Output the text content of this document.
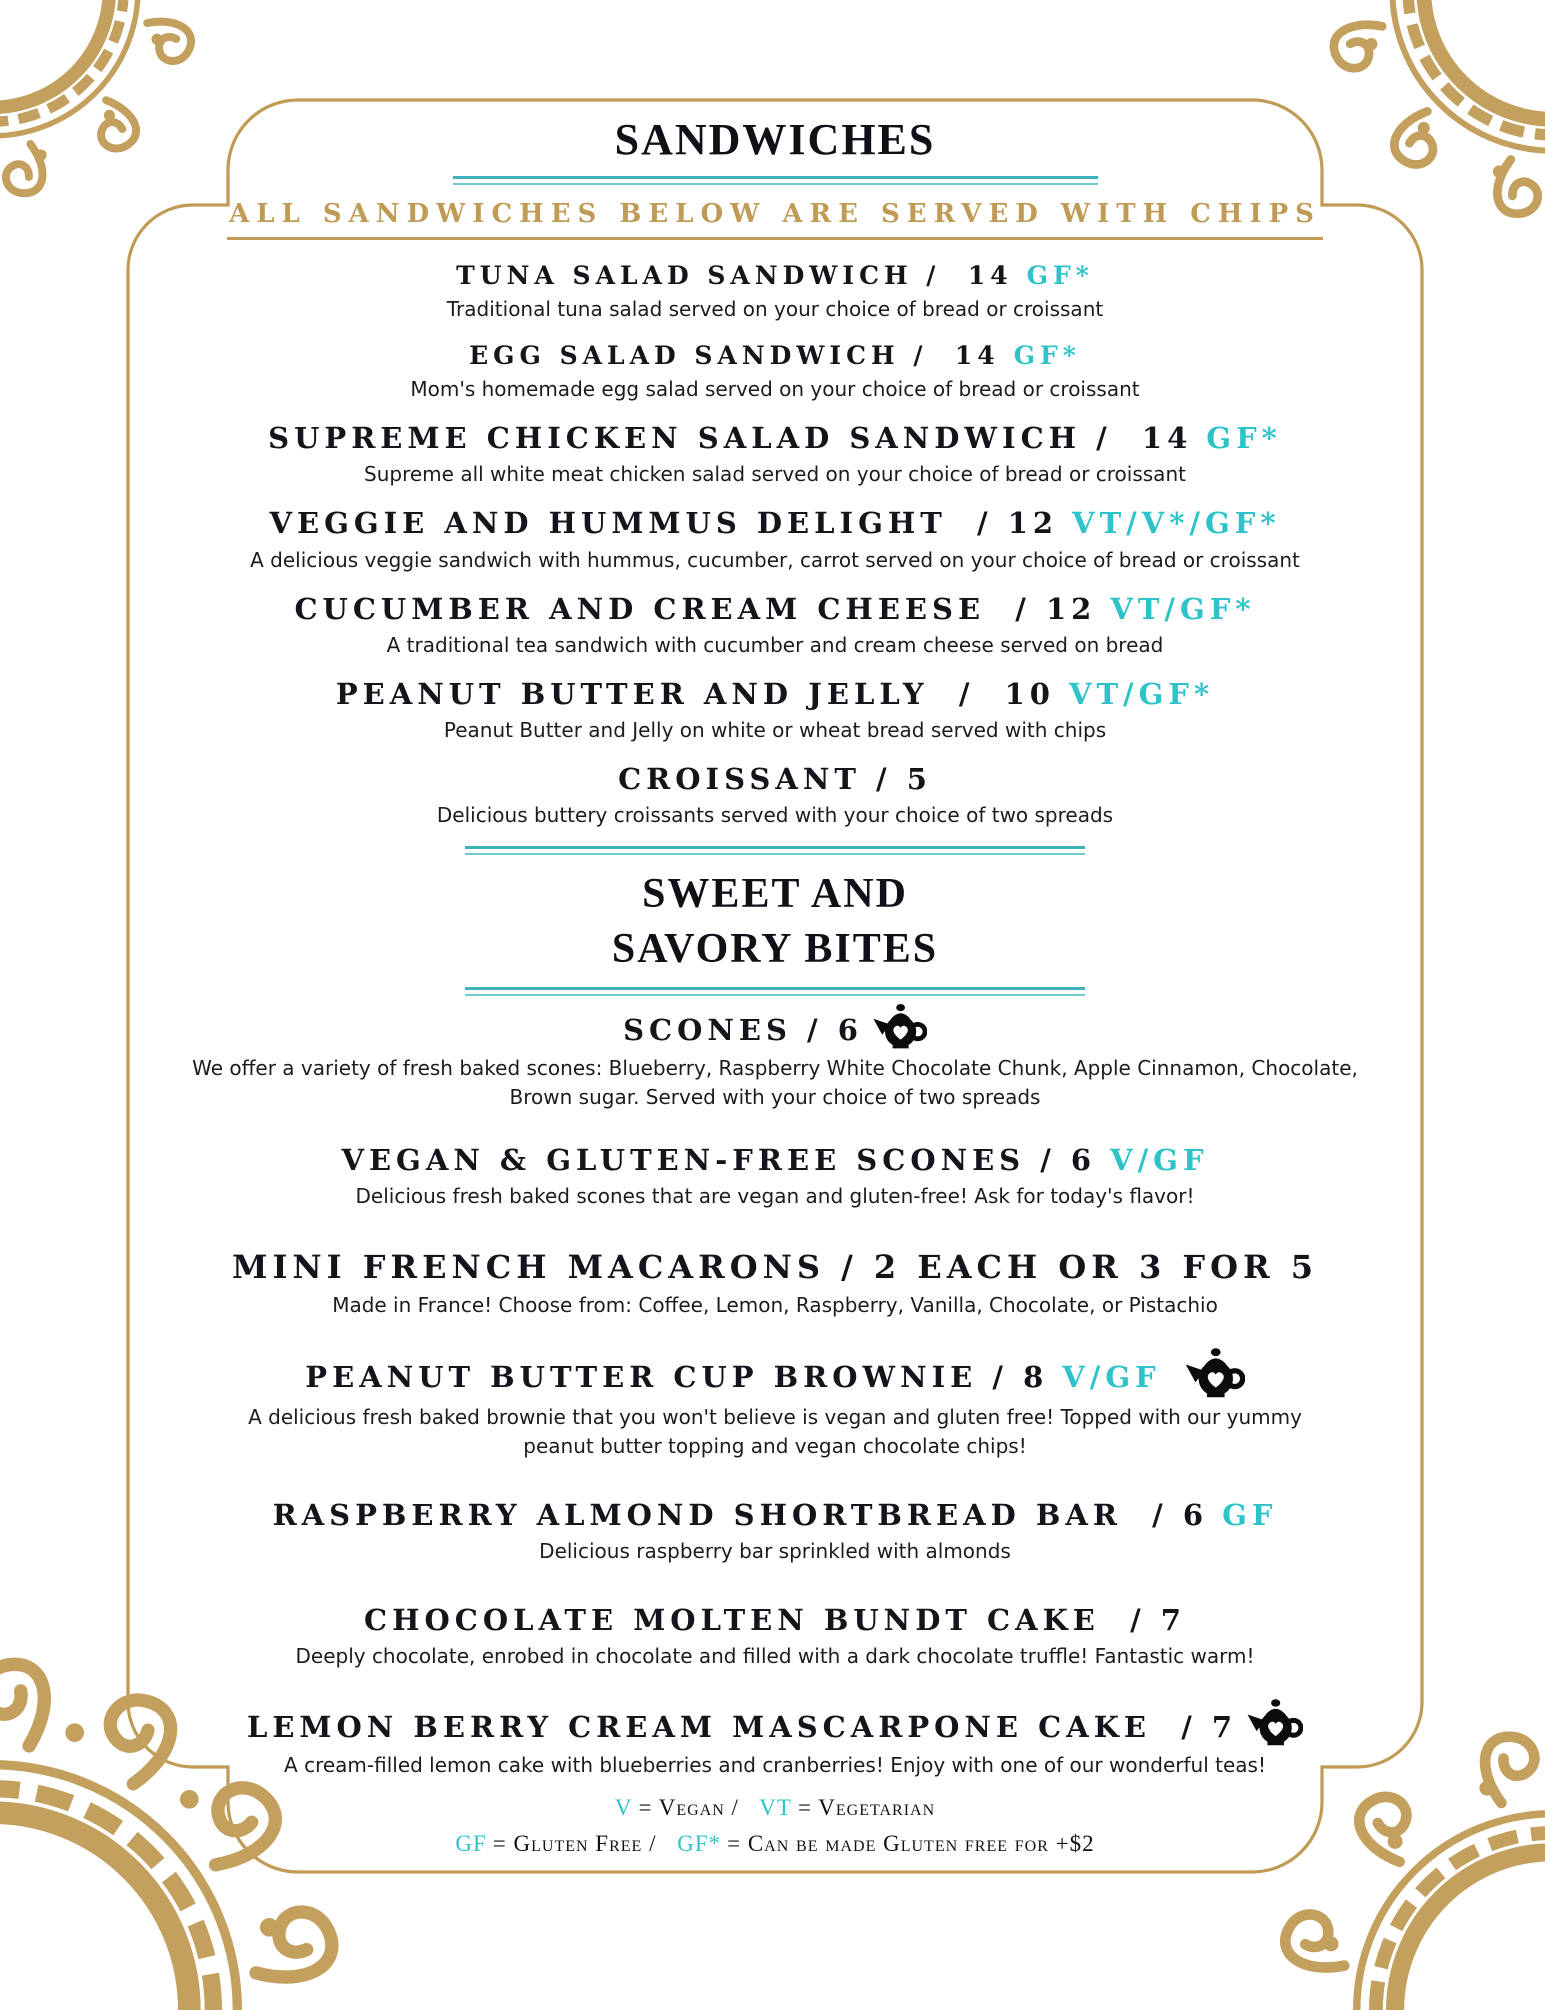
SANDWICHES
ALL SANDWICHES BELOW ARE SERVED WITH CHIPS
TUNA SALAD SANDWICH /  14 GF*
Traditional tuna salad served on your choice of bread or croissant
EGG SALAD SANDWICH /  14 GF*
Mom's homemade egg salad served on your choice of bread or croissant
SUPREME CHICKEN SALAD SANDWICH /  14 GF*
Supreme all white meat chicken salad served on your choice of bread or croissant
VEGGIE AND HUMMUS DELIGHT  / 12 VT/V*/GF*
A delicious veggie sandwich with hummus, cucumber, carrot served on your choice of bread or croissant
CUCUMBER AND CREAM CHEESE  / 12 VT/GF*
A traditional tea sandwich with cucumber and cream cheese served on bread
PEANUT BUTTER AND JELLY  /  10 VT/GF*
Peanut Butter and Jelly on white or wheat bread served with chips
CROISSANT / 5
Delicious buttery croissants served with your choice of two spreads
SWEET AND
SAVORY BITES
SCONES / 6
We offer a variety of fresh baked scones: Blueberry, Raspberry White Chocolate Chunk, Apple Cinnamon, Chocolate, Brown sugar. Served with your choice of two spreads
VEGAN & GLUTEN-FREE SCONES / 6 V/GF
Delicious fresh baked scones that are vegan and gluten-free! Ask for today's flavor!
MINI FRENCH MACARONS / 2 EACH OR 3 FOR 5
Made in France! Choose from: Coffee, Lemon, Raspberry, Vanilla, Chocolate, or Pistachio
PEANUT BUTTER CUP BROWNIE / 8 V/GF
A delicious fresh baked brownie that you won't believe is vegan and gluten free! Topped with our yummy peanut butter topping and vegan chocolate chips!
RASPBERRY ALMOND SHORTBREAD BAR  / 6 GF
Delicious raspberry bar sprinkled with almonds
CHOCOLATE MOLTEN BUNDT CAKE  / 7
Deeply chocolate, enrobed in chocolate and filled with a dark chocolate truffle! Fantastic warm!
LEMON BERRY CREAM MASCARPONE CAKE  / 7
A cream-filled lemon cake with blueberries and cranberries! Enjoy with one of our wonderful teas!
V = Vegan / VT = Vegetarian
GF = Gluten Free / GF* = Can be made Gluten free for +$2
